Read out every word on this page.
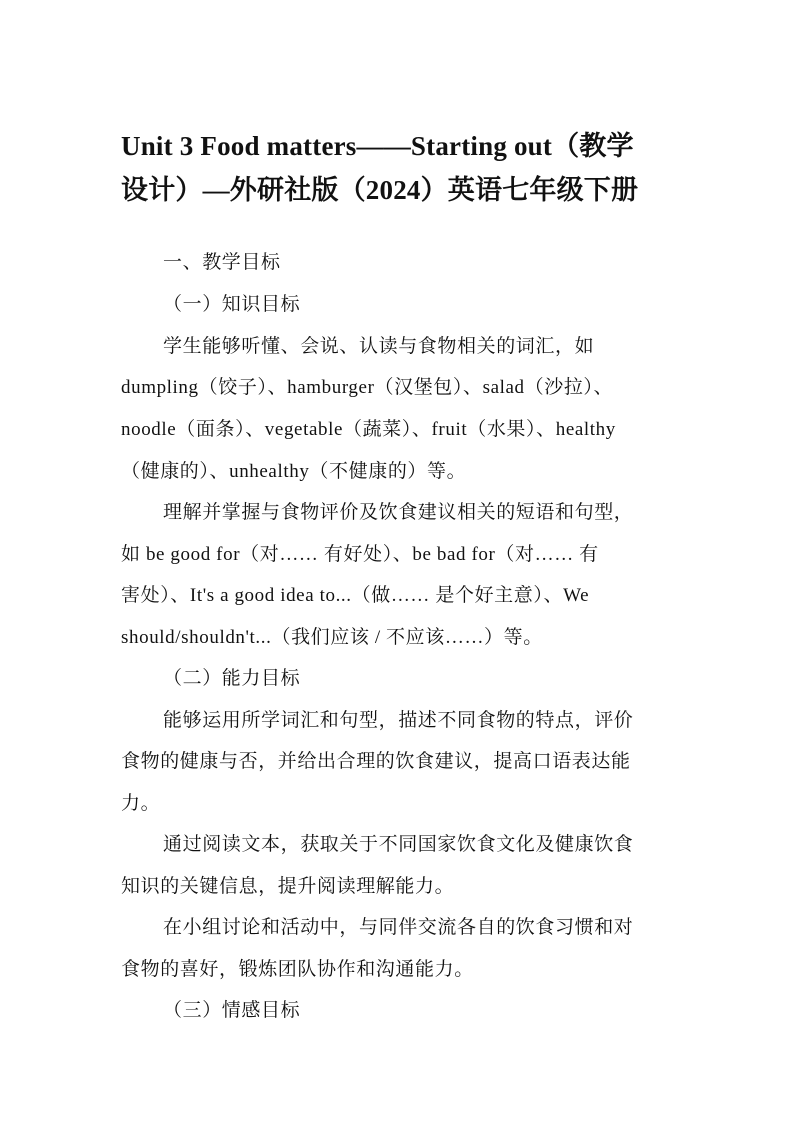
Unit 3 Food matters——Starting out（教学
设计）—外研社版（2024）英语七年级下册

一、教学目标

（一）知识目标

学生能够听懂、会说、认读与食物相关的词汇，如

dumpling（饺子）、hamburger（汉堡包）、salad（沙拉）、

noodle（面条）、vegetable（蔬菜）、fruit（水果）、healthy

（健康的）、unhealthy（不健康的）等。

理解并掌握与食物评价及饮食建议相关的短语和句型，

如 be good for（对…… 有好处）、be bad for（对…… 有

害处）、It's a good idea to...（做…… 是个好主意）、We

should/shouldn't...（我们应该 / 不应该……）等。

（二）能力目标

能够运用所学词汇和句型，描述不同食物的特点，评价

食物的健康与否，并给出合理的饮食建议，提高口语表达能

力。

通过阅读文本，获取关于不同国家饮食文化及健康饮食

知识的关键信息，提升阅读理解能力。

在小组讨论和活动中，与同伴交流各自的饮食习惯和对

食物的喜好，锻炼团队协作和沟通能力。

（三）情感目标
